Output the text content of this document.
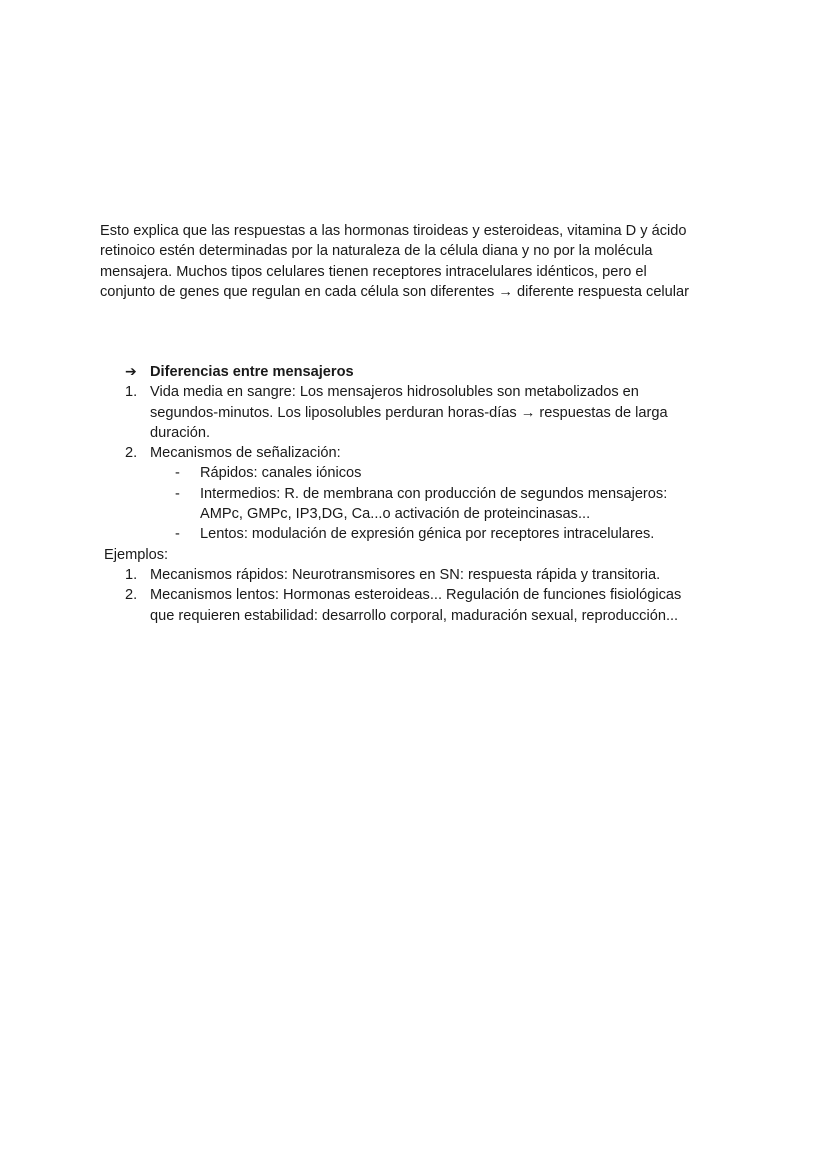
Esto explica que las respuestas a las hormonas tiroideas y esteroideas, vitamina D y ácido
retinoico estén determinadas por la naturaleza de la célula diana y no por la molécula
mensajera. Muchos tipos celulares tienen receptores intracelulares idénticos, pero el
conjunto de genes que regulan en cada célula son diferentes → diferente respuesta celular

➔ Diferencias entre mensajeros
1. Vida media en sangre: Los mensajeros hidrosolubles son metabolizados en
segundos-minutos. Los liposolubles perduran horas-días → respuestas de larga
duración.
2. Mecanismos de señalización:
- Rápidos: canales iónicos
- Intermedios: R. de membrana con producción de segundos mensajeros:
AMPc, GMPc, IP3,DG, Ca...o activación de proteincinasas...
- Lentos: modulación de expresión génica por receptores intracelulares.
Ejemplos:
1. Mecanismos rápidos: Neurotransmisores en SN: respuesta rápida y transitoria.
2. Mecanismos lentos: Hormonas esteroideas... Regulación de funciones fisiológicas
que requieren estabilidad: desarrollo corporal, maduración sexual, reproducción...
